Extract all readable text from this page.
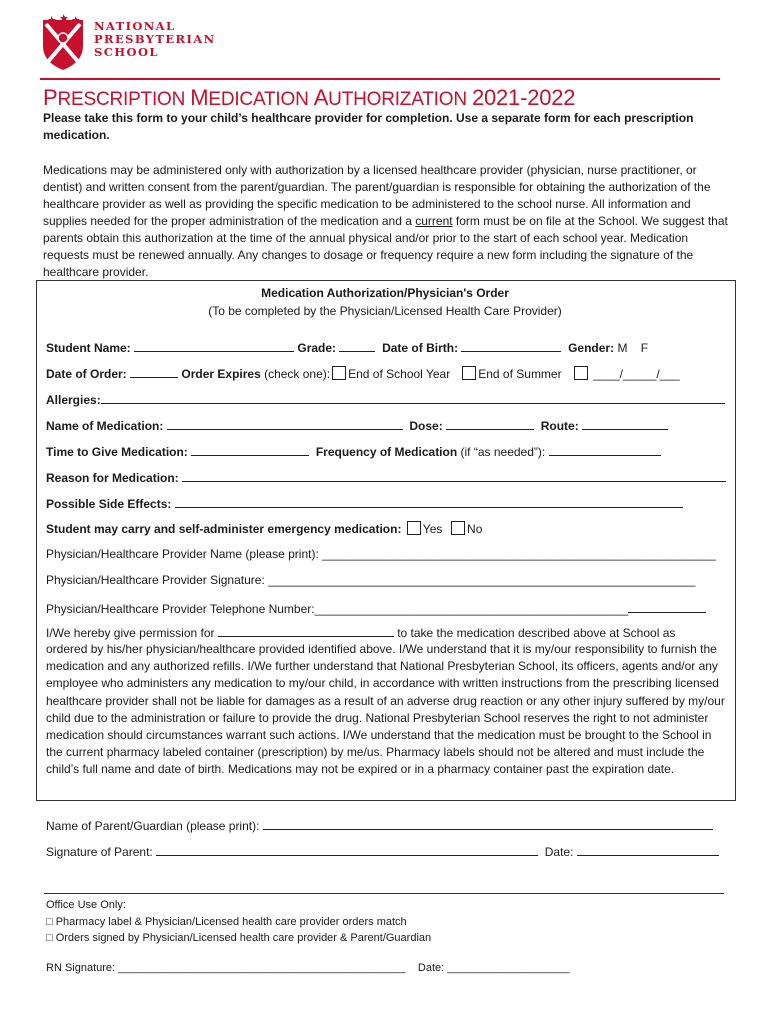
NATIONAL
PRESBYTERIAN
SCHOOL
PRESCRIPTION MEDICATION AUTHORIZATION 2021-2022
Please take this form to your child’s healthcare provider for completion. Use a separate form for each prescription medication.
Medications may be administered only with authorization by a licensed healthcare provider (physician, nurse practitioner, or dentist) and written consent from the parent/guardian. The parent/guardian is responsible for obtaining the authorization of the healthcare provider as well as providing the specific medication to be administered to the school nurse. All information and supplies needed for the proper administration of the medication and a current form must be on file at the School. We suggest that parents obtain this authorization at the time of the annual physical and/or prior to the start of each school year. Medication requests must be renewed annually. Any changes to dosage or frequency require a new form including the signature of the healthcare provider.
Medication Authorization/Physician's Order
(To be completed by the Physician/Licensed Health Care Provider)
Student Name:	Grade:	Date of Birth:	Gender: M F
Date of Order:	Order Expires (check one): End of School Year End of Summer	____/_____/___
Allergies:
Name of Medication:	Dose:	Route:
Time to Give Medication:	Frequency of Medication (if “as needed”):
Reason for Medication:
Possible Side Effects:
Student may carry and self-administer emergency medication: Yes No
Physician/Healthcare Provider Name (please print): ___________________________________________________________
Physician/Healthcare Provider Signature: ________________________________________________________________
Physician/Healthcare Provider Telephone Number:_______________________________________________
I/We hereby give permission for	to take the medication described above at School as
ordered by his/her physician/healthcare provided identified above. I/We understand that it is my/our responsibility to furnish the medication and any authorized refills. I/We further understand that National Presbyterian School, its officers, agents and/or any employee who administers any medication to my/our child, in accordance with written instructions from the prescribing licensed healthcare provider shall not be liable for damages as a result of an adverse drug reaction or any other injury suffered by my/our child due to the administration or failure to provide the drug. National Presbyterian School reserves the right to not administer medication should circumstances warrant such actions. I/We understand that the medication must be brought to the School in the current pharmacy labeled container (prescription) by me/us. Pharmacy labels should not be altered and must include the child’s full name and date of birth. Medications may not be expired or in a pharmacy container past the expiration date.
Name of Parent/Guardian (please print):
Signature of Parent:	Date:
Office Use Only:
□ Pharmacy label & Physician/Licensed health care provider orders match
□ Orders signed by Physician/Licensed health care provider & Parent/Guardian
RN Signature: _______________________________________________ Date: ____________________
